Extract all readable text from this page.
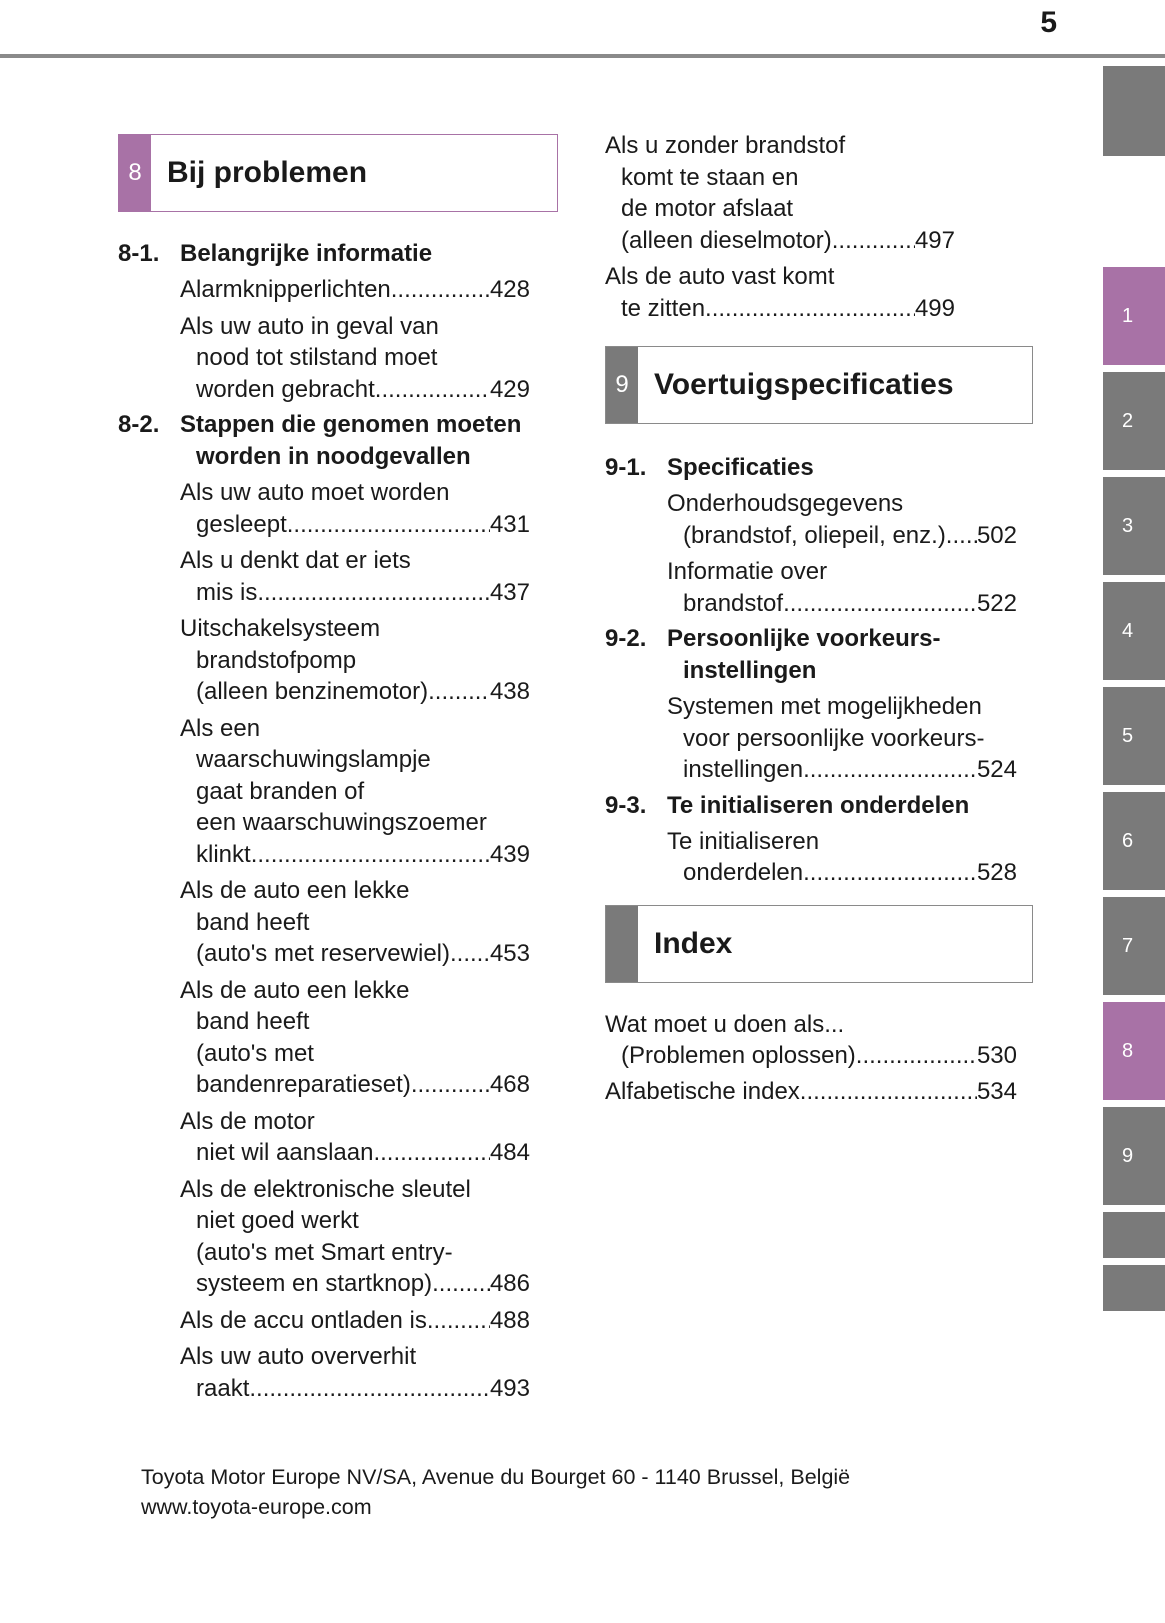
5
1
2
3
4
5
6
7
8
9
8 Bij problemen
8-1. Belangrijke informatie
Alarmknipperlichten .....	428
Als uw auto in geval van
nood tot stilstand moet
worden gebracht .....	429
8-2. Stappen die genomen moeten
worden in noodgevallen
Als uw auto moet worden
gesleept .....	431
Als u denkt dat er iets
mis is .....	437
Uitschakelsysteem
brandstofpomp
(alleen benzinemotor) .....	438
Als een
waarschuwingslampje
gaat branden of
een waarschuwingszoemer
klinkt .....	439
Als de auto een lekke
band heeft
(auto's met reservewiel) ..... 453
Als de auto een lekke
band heeft
(auto's met
bandenreparatieset) .....	468
Als de motor
niet wil aanslaan .....	484
Als de elektronische sleutel
niet goed werkt
(auto's met Smart entry-
systeem en startknop) ..... 486
Als de accu ontladen is .....	488
Als uw auto oververhit
raakt .....	493
Als u zonder brandstof
komt te staan en
de motor afslaat
(alleen dieselmotor) .....	497
Als de auto vast komt
te zitten .....	499
9 Voertuigspecificaties
9-1. Specificaties
Onderhoudsgegevens
(brandstof, oliepeil, enz.). ..... 502
Informatie over
brandstof .....	522
9-2. Persoonlijke voorkeurs-
instellingen
Systemen met mogelijkheden
voor persoonlijke voorkeurs-
instellingen .....	524
9-3. Te initialiseren onderdelen
Te initialiseren
onderdelen .....	528
Index
Wat moet u doen als...
(Problemen oplossen) .....	530
Alfabetische index .....	534
Toyota Motor Europe NV/SA, Avenue du Bourget 60 - 1140 Brussel, België
www.toyota-europe.com
